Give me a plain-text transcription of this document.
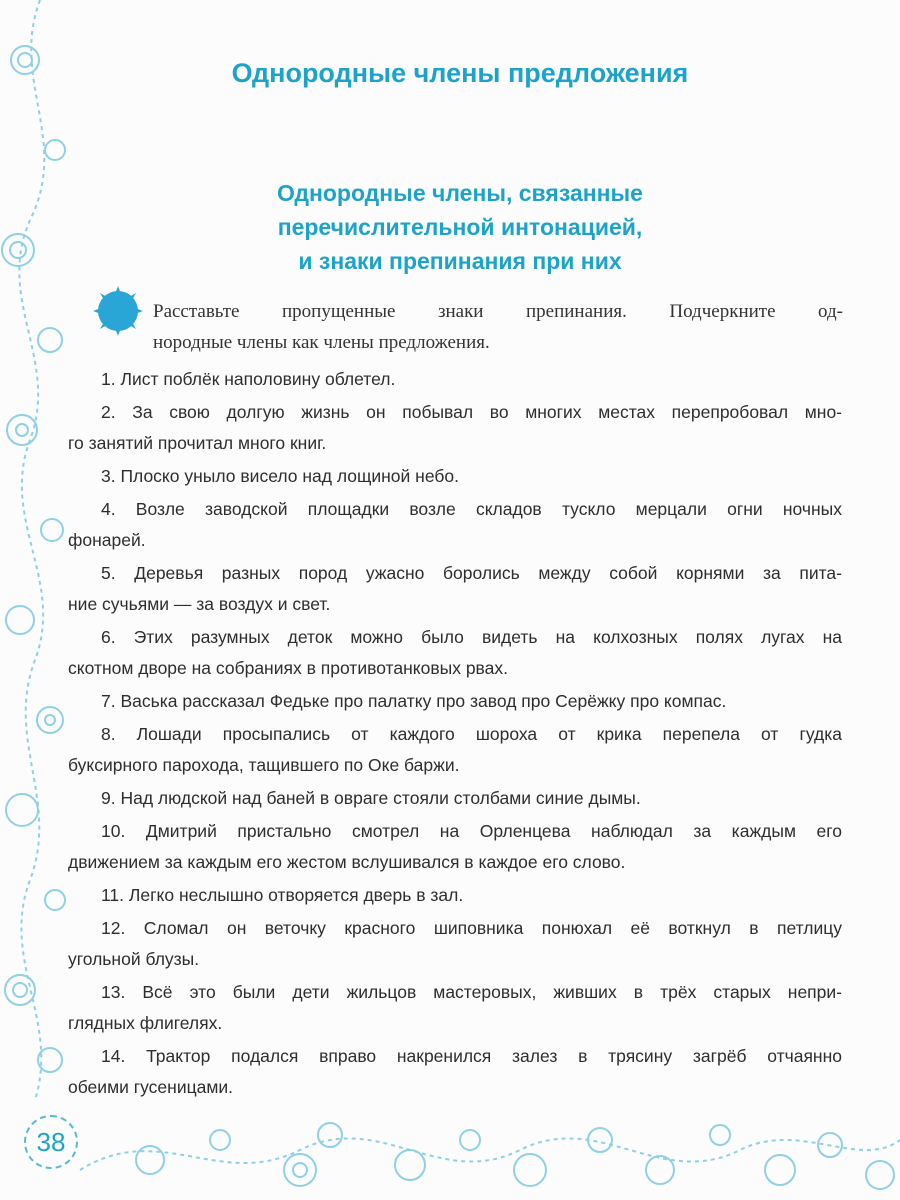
Однородные члены предложения
Однородные члены, связанные
перечислительной интонацией,
и знаки препинания при них
Расставьте пропущенные знаки препинания. Подчеркните од-
нородные члены как члены предложения.
1. Лист поблёк наполовину облетел.
2. За свою долгую жизнь он побывал во многих местах перепробовал мно-
го занятий прочитал много книг.
3. Плоско уныло висело над лощиной небо.
4. Возле заводской площадки возле складов тускло мерцали огни ночных
фонарей.
5. Деревья разных пород ужасно боролись между собой корнями за пита-
ние сучьями — за воздух и свет.
6. Этих разумных деток можно было видеть на колхозных полях лугах на
скотном дворе на собраниях в противотанковых рвах.
7. Васька рассказал Федьке про палатку про завод про Серёжку про компас.
8. Лошади просыпались от каждого шороха от крика перепела от гудка
буксирного парохода, тащившего по Оке баржи.
9. Над людской над баней в овраге стояли столбами синие дымы.
10. Дмитрий пристально смотрел на Орленцева наблюдал за каждым его
движением за каждым его жестом вслушивался в каждое его слово.
11. Легко неслышно отворяется дверь в зал.
12. Сломал он веточку красного шиповника понюхал её воткнул в петлицу
угольной блузы.
13. Всё это были дети жильцов мастеровых, живших в трёх старых непри-
глядных флигелях.
14. Трактор подался вправо накренился залез в трясину загрёб отчаянно
обеими гусеницами.
38
